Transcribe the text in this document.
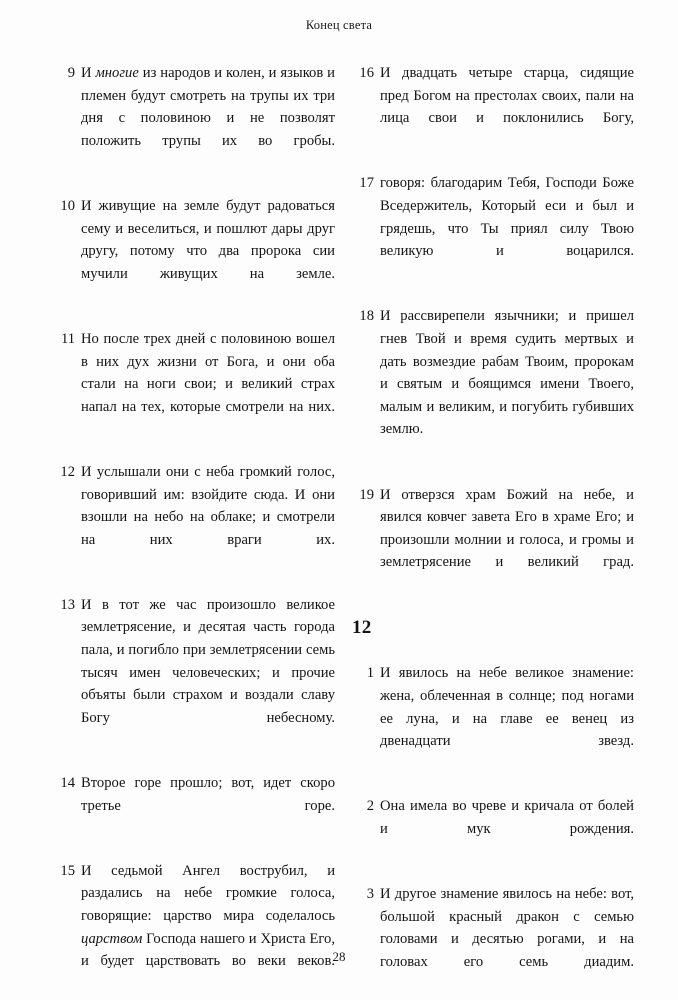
Конец света
9 И многие из народов и колен, и языков и племен будут смотреть на трупы их три дня с половиною и не позволят положить трупы их во гробы.
10 И живущие на земле будут радоваться сему и веселиться, и пошлют дары друг другу, потому что два пророка сии мучили живущих на земле.
11 Но после трех дней с половиною вошел в них дух жизни от Бога, и они оба стали на ноги свои; и великий страх напал на тех, которые смотрели на них.
12 И услышали они с неба громкий голос, говоривший им: взойдите сюда. И они взошли на небо на облаке; и смотрели на них враги их.
13 И в тот же час произошло великое землетрясение, и десятая часть города пала, и погибло при землетрясении семь тысяч имен человеческих; и прочие объяты были страхом и воздали славу Богу небесному.
14 Второе горе прошло; вот, идет скоро третье горе.
15 И седьмой Ангел вострубил, и раздались на небе громкие голоса, говорящие: царство мира соделалось царством Господа нашего и Христа Его, и будет царствовать во веки веков.
16 И двадцать четыре старца, сидящие пред Богом на престолах своих, пали на лица свои и поклонились Богу,
17 говоря: благодарим Тебя, Господи Боже Вседержитель, Который еси и был и грядешь, что Ты приял силу Твою великую и воцарился.
18 И рассвирепели язычники; и пришел гнев Твой и время судить мертвых и дать возмездие рабам Твоим, пророкам и святым и боящимся имени Твоего, малым и великим, и погубить губивших землю.
19 И отверзся храм Божий на небе, и явился ковчег завета Его в храме Его; и произошли молнии и голоса, и громы и землетрясение и великий град.
12
1 И явилось на небе великое знамение: жена, облеченная в солнце; под ногами ее луна, и на главе ее венец из двенадцати звезд.
2 Она имела во чреве и кричала от болей и мук рождения.
3 И другое знамение явилось на небе: вот, большой красный дракон с семью головами и десятью рогами, и на головах его семь диадим.
28
